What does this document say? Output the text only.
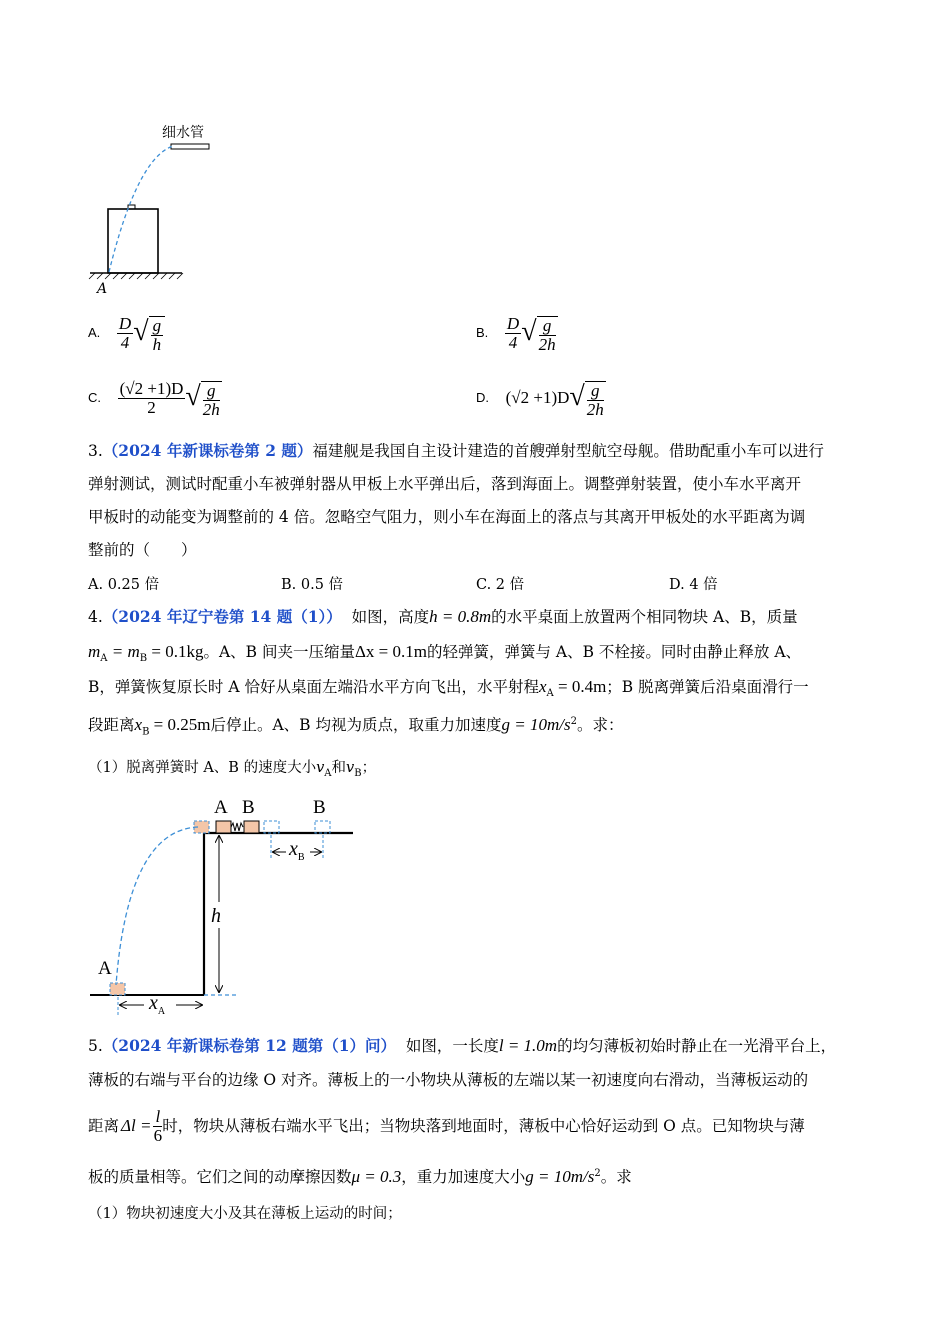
细水管
A
A. $\frac{D}{4}$ √ $\frac{g}{h}$	B. $\frac{D}{4}$ √ $\frac{g}{2h}$
C. $\frac{(√2 +1)D}{2}$ √ $\frac{g}{2h}$	D. (√2 +1)D √ $\frac{g}{2h}$
3.（2024 年新课标卷第 2 题）福建舰是我国自主设计建造的首艘弹射型航空母舰。借助配重小车可以进行
弹射测试，测试时配重小车被弹射器从甲板上水平弹出后，落到海面上。调整弹射装置，使小车水平离开
甲板时的动能变为调整前的 4 倍。忽略空气阻力，则小车在海面上的落点与其离开甲板处的水平距离为调
整前的（　　）
A. 0.25 倍	B. 0.5 倍	C. 2 倍	D. 4 倍
4.（2024 年辽宁卷第 14 题（1）） 如图，高度h = 0.8m的水平桌面上放置两个相同物块 A、B，质量
$m_A = m_B = 0.1kg$。A、B 间夹一压缩量Δx = 0.1m的轻弹簧，弹簧与 A、B 不栓接。同时由静止释放 A、
B，弹簧恢复原长时 A 恰好从桌面左端沿水平方向飞出，水平射程$x_A = 0.4m$；B 脱离弹簧后沿桌面滑行一
段距离$x_B = 0.25m$后停止。A、B 均视为质点，取重力加速度$g = 10m/s^2$。求：
（1）脱离弹簧时 A、B 的速度大小$v_A$和$v_B$；
A B	B
h
A
$x_B$
$x_A$
5.（2024 年新课标卷第 12 题第（1）问） 如图，一长度l = 1.0m的均匀薄板初始时静止在一光滑平台上，
薄板的右端与平台的边缘 O 对齐。薄板上的一小物块从薄板的左端以某一初速度向右滑动，当薄板运动的
距离 $\Delta l = \frac{l}{6}$ 时，物块从薄板右端水平飞出；当物块落到地面时，薄板中心恰好运动到 O 点。已知物块与薄
板的质量相等。它们之间的动摩擦因数μ = 0.3，重力加速度大小$g = 10m/s^2$。求
（1）物块初速度大小及其在薄板上运动的时间；
